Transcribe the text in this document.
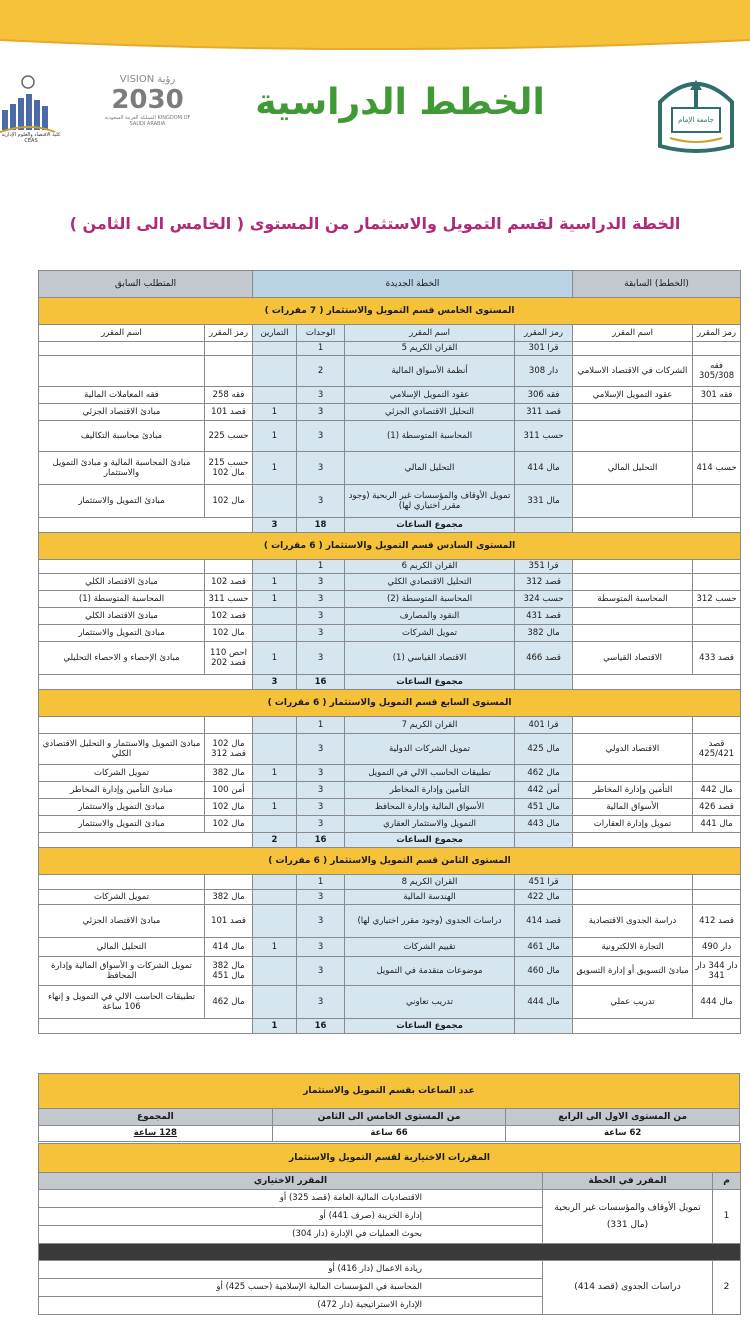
كلية الاقتصاد والعلوم الإدارية CEAS
VISION رؤية
2030
المملكة العربية السعودية KINGDOM OF SAUDI ARABIA
الخطط الدراسية	جامعة الإمام
الخطة الدراسية لقسم التمويل والاستثمار من المستوى ( الخامس الى الثامن )
(الخطط) السابقة		الخطة الجديدة				المتطلب السابق	
المستوى الخامس قسم التمويل والاستثمار ( 7 مقررات )							
رمز المقرر	اسم المقرر	رمز المقرر	اسم المقرر	الوحدات	التمارين	رمز المقرر	اسم المقرر
		قرا 301	القران الكريم 5	1			
فقه 305/308	الشركات في الاقتصاد الاسلامي	دار 308	أنظمة الأسواق المالية	2			
فقه 301	عقود التمويل الإسلامي	فقه 306	عقود التمويل الإسلامي	3		فقه 258	فقه المعاملات المالية
		قصد 311	التحليل الاقتصادي الجزئي	3	1	قصد 101	مبادئ الاقتصاد الجزئي
		حسب 311	المحاسبة المتوسطة (1)	3	1	حسب 225	مبادئ محاسبة التكاليف
حسب 414	التحليل المالي	مال 414	التحليل المالي	3	1	حسب 215 مال 102	مبادئ المحاسبة المالية و مبادئ التمويل والاستثمار
		مال 331	تمويل الأوقاف والمؤسسات غير الربحية (وجود مقرر اختياري لها)	3		مال 102	مبادئ التمويل والاستثمار
			مجموع الساعات	18	3		
المستوى السادس قسم التمويل والاستثمار ( 6 مقررات )							
		قرا 351	القران الكريم 6	1			
		قصد 312	التحليل الاقتصادي الكلي	3	1	قصد 102	مبادئ الاقتصاد الكلي
حسب 312	المحاسبة المتوسطة	حسب 324	المحاسبة المتوسطة (2)	3	1	حسب 311	المحاسبة المتوسطة (1)
		قصد 431	النقود والمصارف	3		قصد 102	مبادئ الاقتصاد الكلي
		مال 382	تمويل الشركات	3		مال 102	مبادئ التمويل والاستثمار
قصد 433	الاقتصاد القياسي	قصد 466	الاقتصاد القياسي (1)	3	1	احص 110 قصد 202	مبادئ الإحصاء و الاحصاء التحليلي
			مجموع الساعات	16	3		
المستوى السابع قسم التمويل والاستثمار ( 6 مقررات )							
		قرا 401	القران الكريم 7	1			
قصد 425/421	الاقتصاد الدولي	مال 425	تمويل الشركات الدولية	3		مال 102 قصد 312	مبادئ التمويل والاستثمار و التحليل الاقتصادي الكلي
		مال 462	تطبيقات الحاسب الالي في التمويل	3	1	مال 382	تمويل الشركات
مال 442	التأمين وإدارة المخاطر	أمن 442	التأمين وإدارة المخاطر	3		أمن 100	مبادئ التأمين وإدارة المخاطر
قصد 426	الأسواق المالية	مال 451	الأسواق المالية وإدارة المحافظ	3	1	مال 102	مبادئ التمويل والاستثمار
مال 441	تمويل وإدارة العقارات	مال 443	التمويل والاستثمار العقاري	3		مال 102	مبادئ التمويل والاستثمار
			مجموع الساعات	16	2		
المستوى الثامن قسم التمويل والاستثمار ( 6 مقررات )							
		قرا 451	القران الكريم 8	1			
		مال 422	الهندسة المالية	3		مال 382	تمويل الشركات
قصد 412	دراسة الجدوى الاقتصادية	قصد 414	دراسات الجدوى (وجود مقرر اختياري لها)	3		قصد 101	مبادئ الاقتصاد الجزئي
دار 490	التجارة الالكترونية	مال 461	تقييم الشركات	3	1	مال 414	التحليل المالي
دار 344 دار 341	مبادئ التسويق أو إدارة التسويق	مال 460	موضوعات متقدمة في التمويل	3		مال 382 مال 451	تمويل الشركات و الأسواق المالية وإدارة المحافظ
مال 444	تدريب عملي	مال 444	تدريب تعاوني	3		مال 462	تطبيقات الحاسب الالي في التمويل و إنهاء 106 ساعة
			مجموع الساعات	16	1		
عدد الساعات بقسم التمويل والاستثمار		
من المستوى الاول الى الرابع	من المستوى الخامس الى الثامن	المجموع
62 ساعة	66 ساعة	128 ساعة
المقررات الاختيارية لقسم التمويل والاستثمار		
م	المقرر في الخطة	المقرر الاختياري
1	تمويل الأوقاف والمؤسسات غير الربحية (مال 331)	الاقتصاديات المالية العامة (قصد 325) أو
		إدارة الخزينة (صرف 441) أو
		بحوث العمليات في الإدارة (دار 304)

2	دراسات الجدوى (قصد 414)	ريادة الاعمال (دار 416) أو
		المحاسبة في المؤسسات المالية الإسلامية (حسب 425) أو
		الإدارة الاستراتيجية (دار 472)
